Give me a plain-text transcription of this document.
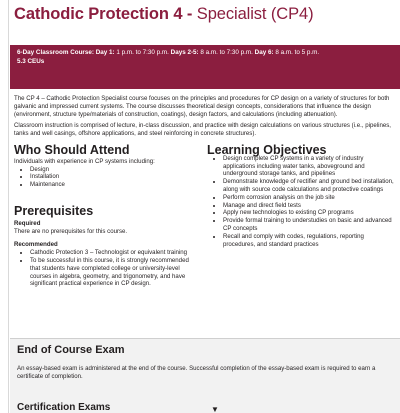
Cathodic Protection 4 - Specialist (CP4)
6-Day Classroom Course: Day 1: 1 p.m. to 7:30 p.m. Days 2-5: 8 a.m. to 7:30 p.m. Day 6: 8 a.m. to 5 p.m.
5.3 CEUs

The CP 4 – Cathodic Protection Specialist course focuses on the principles and procedures for CP design on a variety of structures for both galvanic and impressed current systems. The course discusses theoretical design concepts, considerations that influence the design (environment, structure type/materials of construction, coatings), design factors, and calculations (including attenuation).

Classroom instruction is comprised of lecture, in-class discussion, and practice with design calculations on various structures (i.e., pipelines, tanks and well casings, offshore applications, and steel reinforcing in concrete structures).

Who Should Attend
Individuals with experience in CP systems including:
• Design
• Installation
• Maintenance
Prerequisites
Required
There are no prerequisites for this course.
Recommended
• Cathodic Protection 3 – Technologist or equivalent training
• To be successful in this course, it is strongly recommended that students have completed college or university-level courses in algebra, geometry, and trigonometry, and have significant practical experience in CP design.
Learning Objectives
• Design complete CP systems in a variety of industry applications including water tanks, aboveground and underground storage tanks, and pipelines
• Demonstrate knowledge of rectifier and ground bed installation, along with source code calculations and protective coatings
• Perform corrosion analysis on the job site
• Manage and direct field tests
• Apply new technologies to existing CP programs
• Provide formal training to understudies on basic and advanced CP concepts
• Recall and comply with codes, regulations, reporting procedures, and standard practices
End of Course Exam
An essay-based exam is administered at the end of the course. Successful completion of the essay-based exam is required to earn a certificate of completion.
Certification Exams	▼
